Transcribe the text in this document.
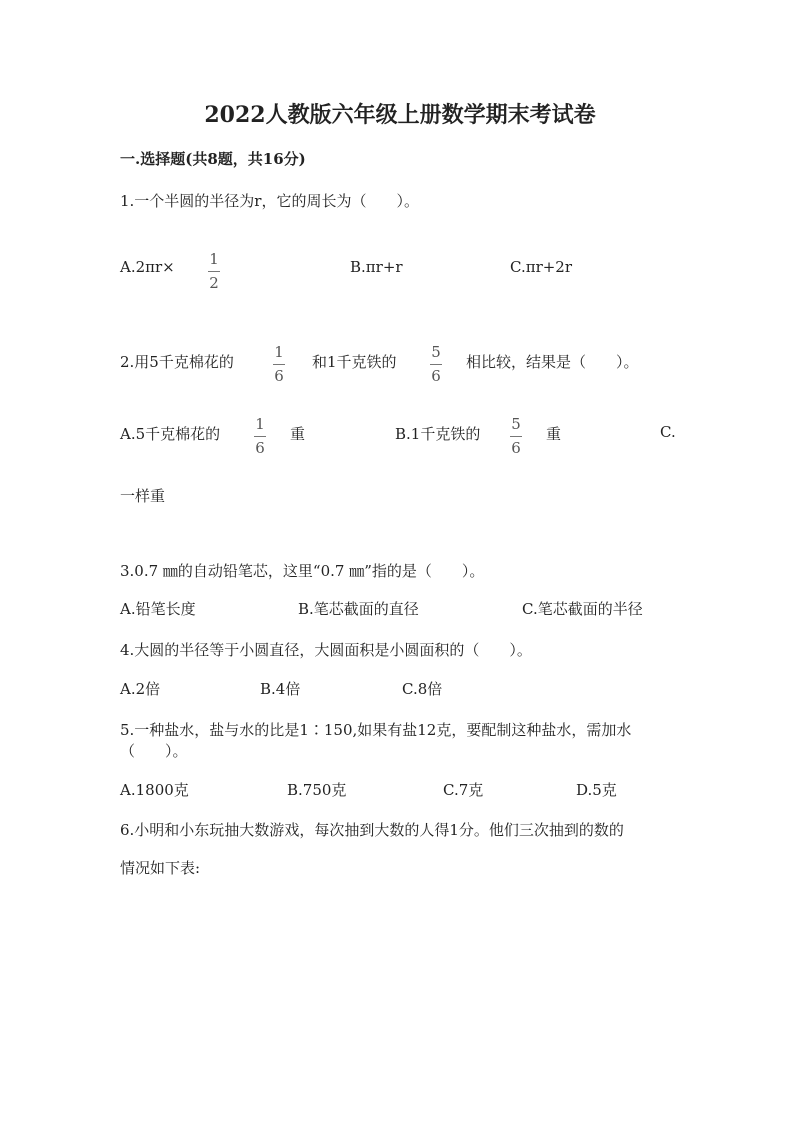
2022人教版六年级上册数学期末考试卷
一.选择题(共8题，共16分)
1.一个半圆的半径为r，它的周长为（　　）。
A.2πr× 1
2
B.πr+r	C.πr+2r
2.用5千克棉花的
1
6
和1千克铁的
5
6
相比较，结果是（　　）。
A.5千克棉花的
1
6
重	B.1千克铁的
5
6
重	C.
一样重
3.0.7 ㎜的自动铅笔芯，这里“0.7 ㎜”指的是（　　）。
A.铅笔长度	B.笔芯截面的直径	C.笔芯截面的半径
4.大圆的半径等于小圆直径，大圆面积是小圆面积的（　　）。
A.2倍	B.4倍	C.8倍
5.一种盐水，盐与水的比是1∶150,如果有盐12克，要配制这种盐水，需加水
（　　）。
A.1800克	B.750克	C.7克	D.5克
6.小明和小东玩抽大数游戏，每次抽到大数的人得1分。他们三次抽到的数的
情况如下表:
